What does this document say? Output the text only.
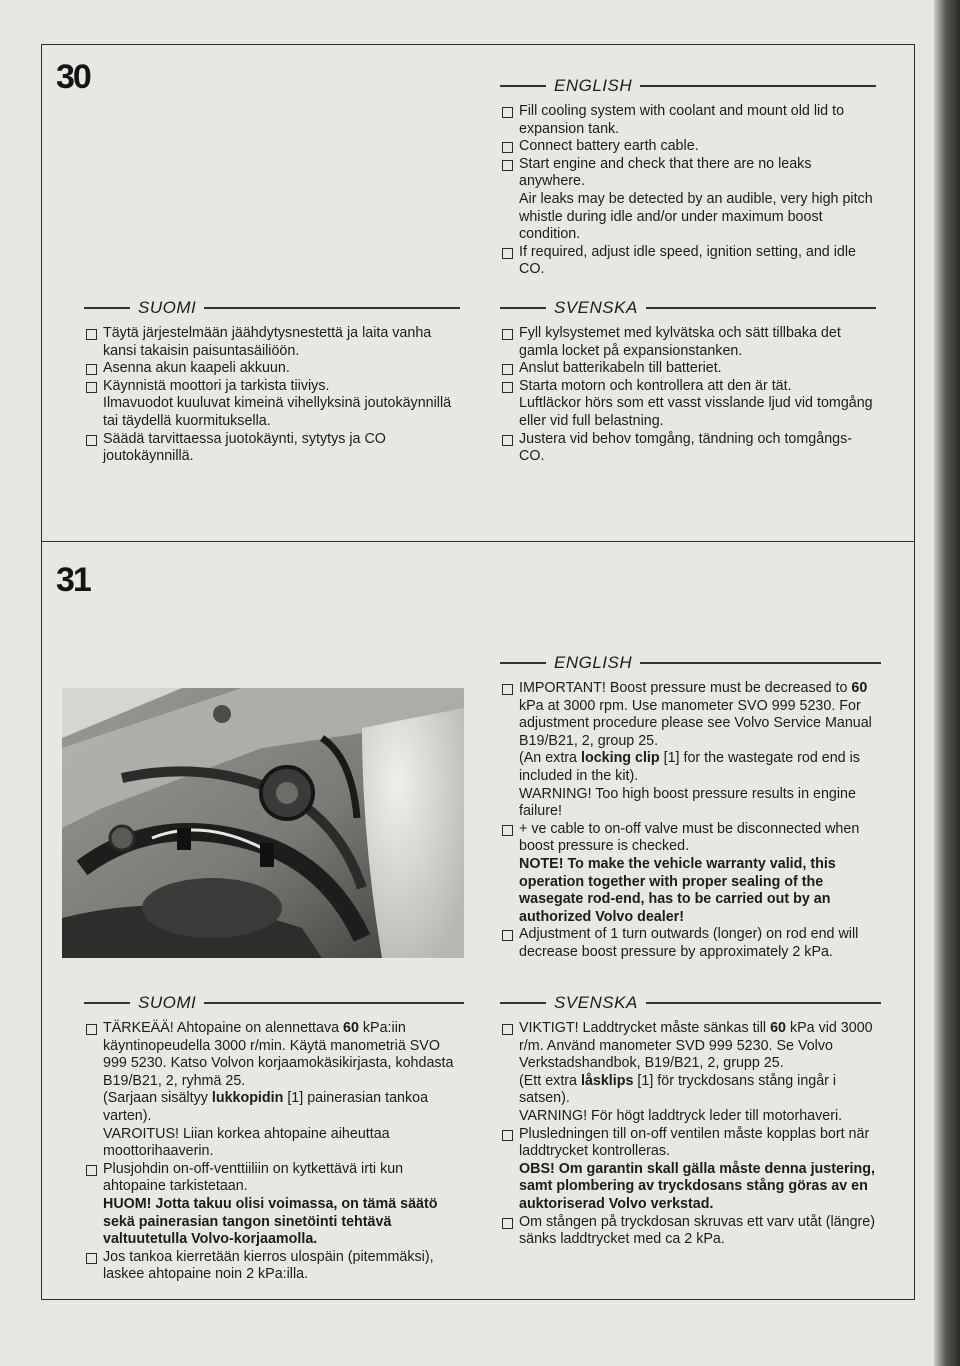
30	ENGLISH
Fill cooling system with coolant and mount old lid to expansion tank.
Connect battery earth cable.
Start engine and check that there are no leaks anywhere.
Air leaks may be detected by an audible, very high pitch whistle during idle and/or under maximum boost condition.
If required, adjust idle speed, ignition setting, and idle CO.
SUOMI
Täytä järjestelmään jäähdytysnestettä ja laita vanha kansi takaisin paisuntasäiliöön.
Asenna akun kaapeli akkuun.
Käynnistä moottori ja tarkista tiiviys.
Ilmavuodot kuuluvat kimeinä vihellyksinä joutokäynnillä tai täydellä kuormituksella.
Säädä tarvittaessa juotokäynti, sytytys ja CO joutokäynnillä.
SVENSKA
Fyll kylsystemet med kylvätska och sätt tillbaka det gamla locket på expansionstanken.
Anslut batterikabeln till batteriet.
Starta motorn och kontrollera att den är tät.
Luftläckor hörs som ett vasst visslande ljud vid tomgång eller vid full belastning.
Justera vid behov tomgång, tändning och tomgångs-CO.
31
ENGLISH
IMPORTANT! Boost pressure must be decreased to 60 kPa at 3000 rpm. Use manometer SVO 999 5230. For adjustment procedure please see Volvo Service Manual B19/B21, 2, group 25.
(An extra locking clip [1] for the wastegate rod end is included in the kit).
WARNING! Too high boost pressure results in engine failure!
+ ve cable to on-off valve must be disconnected when boost pressure is checked.
NOTE! To make the vehicle warranty valid, this operation together with proper sealing of the wasegate rod-end, has to be carried out by an authorized Volvo dealer!
Adjustment of 1 turn outwards (longer) on rod end will decrease boost pressure by approximately 2 kPa.
SUOMI
TÄRKEÄÄ! Ahtopaine on alennettava 60 kPa:iin käyntinopeudella 3000 r/min. Käytä manometriä SVO 999 5230. Katso Volvon korjaamokäsikirjasta, kohdasta B19/B21, 2, ryhmä 25.
(Sarjaan sisältyy lukkopidin [1] painerasian tankoa varten).
VAROITUS! Liian korkea ahtopaine aiheuttaa moottorihaaverin.
Plusjohdin on-off-venttiiliin on kytkettävä irti kun ahtopaine tarkistetaan.
HUOM! Jotta takuu olisi voimassa, on tämä säätö sekä painerasian tangon sinetöinti tehtävä valtuutetulla Volvo-korjaamolla.
Jos tankoa kierretään kierros ulospäin (pitemmäksi), laskee ahtopaine noin 2 kPa:illa.
SVENSKA
VIKTIGT! Laddtrycket måste sänkas till 60 kPa vid 3000 r/m. Använd manometer SVD 999 5230. Se Volvo Verkstadshandbok, B19/B21, 2, grupp 25.
(Ett extra låsklips [1] för tryckdosans stång ingår i satsen).
VARNING! För högt laddtryck leder till motorhaveri.
Plusledningen till on-off ventilen måste kopplas bort när laddtrycket kontrolleras.
OBS! Om garantin skall gälla måste denna justering, samt plombering av tryckdosans stång göras av en auktoriserad Volvo verkstad.
Om stången på tryckdosan skruvas ett varv utåt (längre) sänks laddtrycket med ca 2 kPa.
